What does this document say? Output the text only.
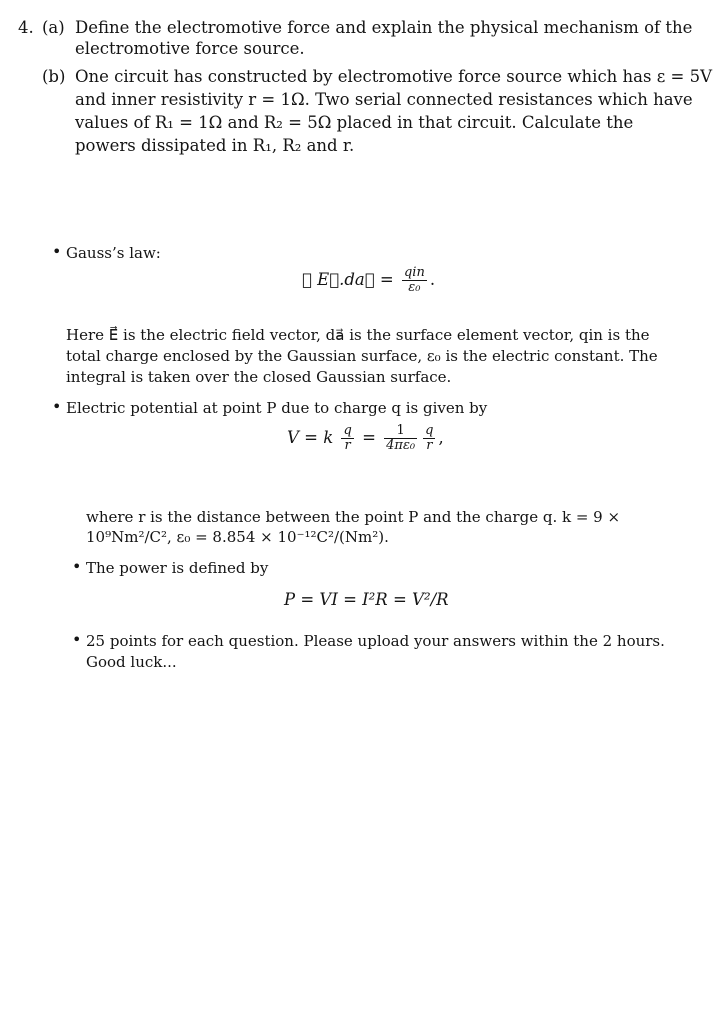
4. (a) Define the electromotive force and explain the physical mechanism of the
electromotive force source.
(b) One circuit has constructed by electromotive force source which has ε = 5V
and inner resistivity r = 1Ω. Two serial connected resistances which have
values of R₁ = 1Ω and R₂ = 5Ω placed in that circuit. Calculate the
powers dissipated in R₁, R₂ and r.
• Gauss’s law:
∮ E⃗.da⃗ = $\frac{\text{qin}}{\text{ε₀}}$ .
Here E⃗ is the electric field vector, da⃗ is the surface element vector, qin is the
total charge enclosed by the Gaussian surface, ε₀ is the electric constant. The
integral is taken over the closed Gaussian surface.
• Electric potential at point P due to charge q is given by
V = k $\frac{q}{r} = \frac{1}{\text{4πε₀}} \frac{q}{r}$ ,
where r is the distance between the point P and the charge q. k = 9 ×
10⁹Nm²/C², ε₀ = 8.854 × 10⁻¹²C²/(Nm²).
• The power is defined by
P = VI = I²R = V²/R
• 25 points for each question. Please upload your answers within the 2 hours.
Good luck...
